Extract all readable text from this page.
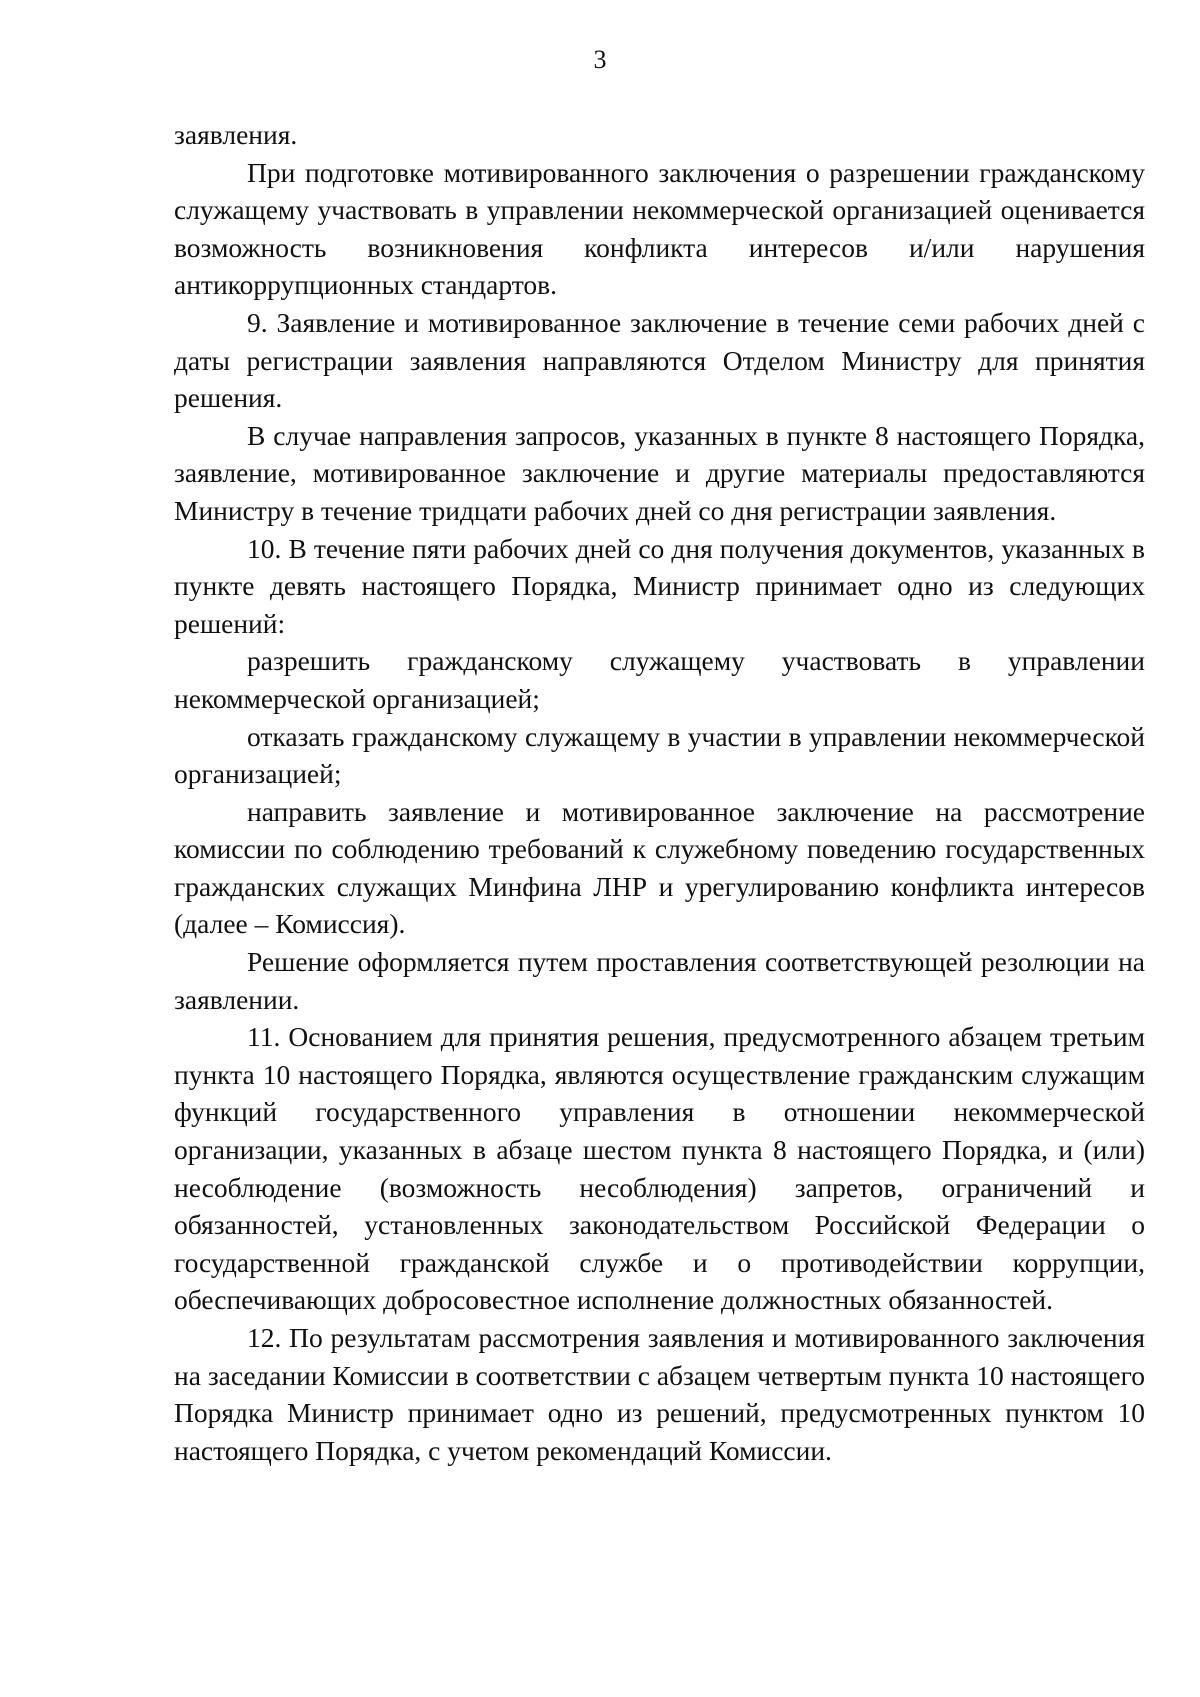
3

заявления.

При подготовке мотивированного заключения о разрешении гражданскому служащему участвовать в управлении некоммерческой организацией оценивается возможность возникновения конфликта интересов и/или нарушения антикоррупционных стандартов.

9. Заявление и мотивированное заключение в течение семи рабочих дней с даты регистрации заявления направляются Отделом Министру для принятия решения.

В случае направления запросов, указанных в пункте 8 настоящего Порядка, заявление, мотивированное заключение и другие материалы предоставляются Министру в течение тридцати рабочих дней со дня регистрации заявления.

10. В течение пяти рабочих дней со дня получения документов, указанных в пункте девять настоящего Порядка, Министр принимает одно из следующих решений:

разрешить гражданскому служащему участвовать в управлении некоммерческой организацией;

отказать гражданскому служащему в участии в управлении некоммерческой организацией;

направить заявление и мотивированное заключение на рассмотрение комиссии по соблюдению требований к служебному поведению государственных гражданских служащих Минфина ЛНР и урегулированию конфликта интересов (далее – Комиссия).

Решение оформляется путем проставления соответствующей резолюции на заявлении.

11. Основанием для принятия решения, предусмотренного абзацем третьим пункта 10 настоящего Порядка, являются осуществление гражданским служащим функций государственного управления в отношении некоммерческой организации, указанных в абзаце шестом пункта 8 настоящего Порядка, и (или) несоблюдение (возможность несоблюдения) запретов, ограничений и обязанностей, установленных законодательством Российской Федерации о государственной гражданской службе и о противодействии коррупции, обеспечивающих добросовестное исполнение должностных обязанностей.

12. По результатам рассмотрения заявления и мотивированного заключения на заседании Комиссии в соответствии с абзацем четвертым пункта 10 настоящего Порядка Министр принимает одно из решений, предусмотренных пунктом 10 настоящего Порядка, с учетом рекомендаций Комиссии.
